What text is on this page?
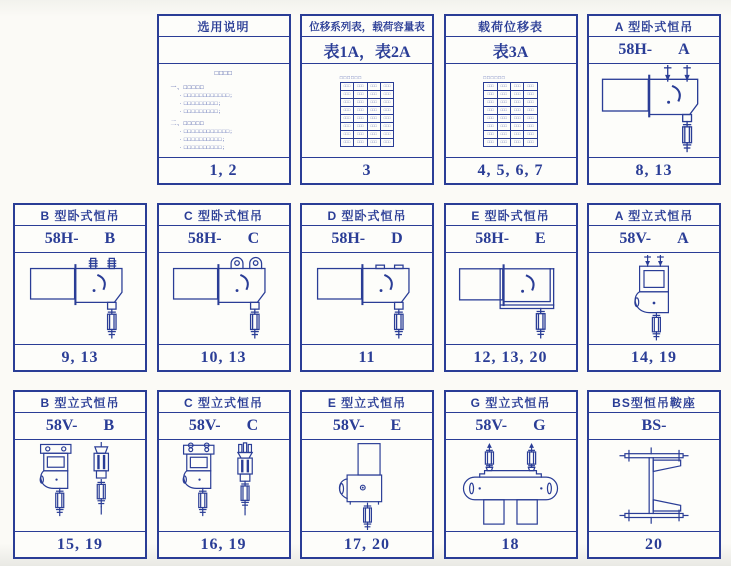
选用说明
□□□□
一、□□□□□
· □□□□□□□□□□□□；
· □□□□□□□□□；
· □□□□□□□□□；
二、□□□□□
· □□□□□□□□□□□□；
· □□□□□□□□□□；
· □□□□□□□□□□；
1, 2
位移系列表，载荷容量表
表1A，表2A
□□□□□□
□□□	□□□	□□□	□□□
□□□	□□□	□□□	□□□
□□□	□□□	□□□	□□□
□□□	□□□	□□□	□□□
□□□	□□□	□□□	□□□
□□□	□□□	□□□	□□□
□□□	□□□	□□□	□□□
□□□	□□□	□□□	□□□
3
载荷位移表
表3A
□□□□□□
□□□	□□□	□□□	□□□
□□□	□□□	□□□	□□□
□□□	□□□	□□□	□□□
□□□	□□□	□□□	□□□
□□□	□□□	□□□	□□□
□□□	□□□	□□□	□□□
□□□	□□□	□□□	□□□
□□□	□□□	□□□	□□□
4, 5, 6, 7
A 型卧式恒吊
58H- A
8, 13
B 型卧式恒吊
58H- B
9, 13
C 型卧式恒吊
58H- C
10, 13
D 型卧式恒吊
58H- D
11
E 型卧式恒吊
58H- E
12, 13, 20
A 型立式恒吊
58V- A
14, 19
B 型立式恒吊
58V- B
15, 19
C 型立式恒吊
58V- C
16, 19
E 型立式恒吊
58V- E
17, 20
G 型立式恒吊
58V- G
18
BS型恒吊鞍座
BS-
20
